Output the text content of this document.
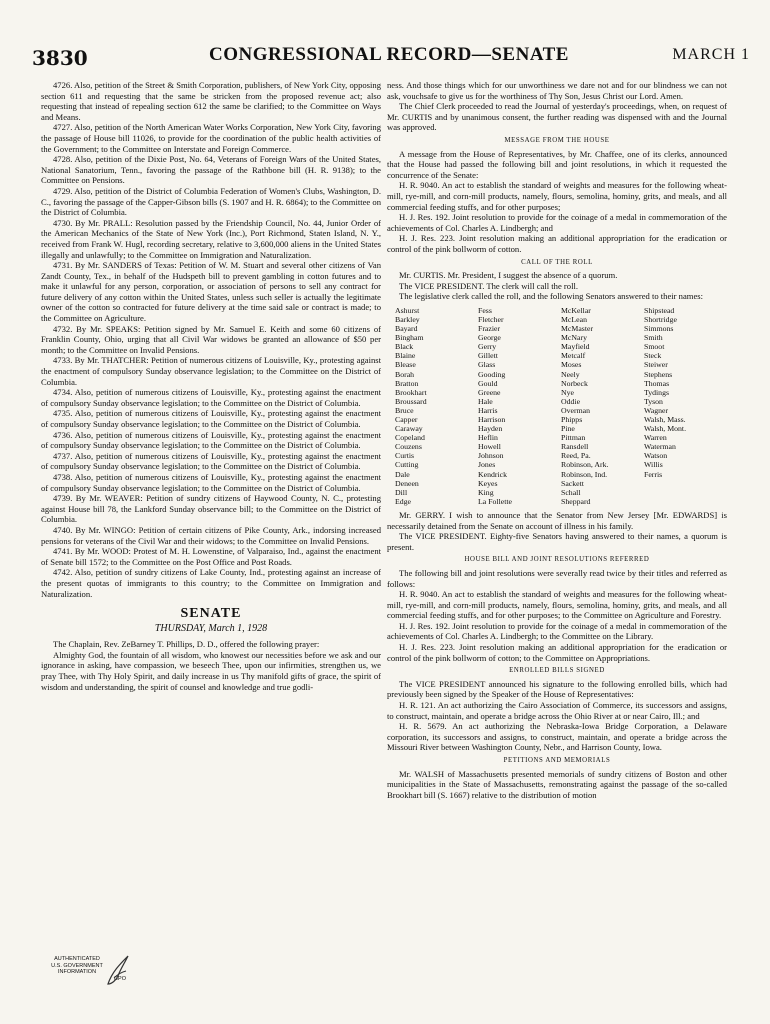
3830	CONGRESSIONAL RECORD—SENATE	MARCH 1

4726. Also, petition of the Street & Smith Corporation, publishers, of New York City, opposing section 611 and requesting that the same be stricken from the proposed revenue act; also requesting that instead of repealing section 612 the same be clarified; to the Committee on Ways and Means.

4727. Also, petition of the North American Water Works Corporation, New York City, favoring the passage of House bill 11026, to provide for the coordination of the public health activities of the Government; to the Committee on Interstate and Foreign Commerce.

4728. Also, petition of the Dixie Post, No. 64, Veterans of Foreign Wars of the United States, National Sanatorium, Tenn., favoring the passage of the Rathbone bill (H. R. 9138); to the Committee on Pensions.

4729. Also, petition of the District of Columbia Federation of Women's Clubs, Washington, D. C., favoring the passage of the Capper-Gibson bills (S. 1907 and H. R. 6864); to the Committee on the District of Columbia.

4730. By Mr. PRALL: Resolution passed by the Friendship Council, No. 44, Junior Order of the American Mechanics of the State of New York (Inc.), Port Richmond, Staten Island, N. Y., received from Frank W. Hugl, recording secretary, relative to 3,600,000 aliens in the United States illegally and unlawfully; to the Committee on Immigration and Naturalization.

4731. By Mr. SANDERS of Texas: Petition of W. M. Stuart and several other citizens of Van Zandt County, Tex., in behalf of the Hudspeth bill to prevent gambling in cotton futures and to make it unlawful for any person, corporation, or association of persons to sell any contract for future delivery of any cotton within the United States, unless such seller is actually the legitimate owner of the cotton so contracted for future delivery at the time said sale or contract is made; to the Committee on Agriculture.

4732. By Mr. SPEAKS: Petition signed by Mr. Samuel E. Keith and some 60 citizens of Franklin County, Ohio, urging that all Civil War widows be granted an allowance of $50 per month; to the Committee on Invalid Pensions.

4733. By Mr. THATCHER: Petition of numerous citizens of Louisville, Ky., protesting against the enactment of compulsory Sunday observance legislation; to the Committee on the District of Columbia.

4734. Also, petition of numerous citizens of Louisville, Ky., protesting against the enactment of compulsory Sunday observance legislation; to the Committee on the District of Columbia.

4735. Also, petition of numerous citizens of Louisville, Ky., protesting against the enactment of compulsory Sunday observance legislation; to the Committee on the District of Columbia.

4736. Also, petition of numerous citizens of Louisville, Ky., protesting against the enactment of compulsory Sunday observance legislation; to the Committee on the District of Columbia.

4737. Also, petition of numerous citizens of Louisville, Ky., protesting against the enactment of compulsory Sunday observance legislation; to the Committee on the District of Columbia.

4738. Also, petition of numerous citizens of Louisville, Ky., protesting against the enactment of compulsory Sunday observance legislation; to the Committee on the District of Columbia.

4739. By Mr. WEAVER: Petition of sundry citizens of Haywood County, N. C., protesting against House bill 78, the Lankford Sunday observance bill; to the Committee on the District of Columbia.

4740. By Mr. WINGO: Petition of certain citizens of Pike County, Ark., indorsing increased pensions for veterans of the Civil War and their widows; to the Committee on Invalid Pensions.

4741. By Mr. WOOD: Protest of M. H. Lowenstine, of Valparaiso, Ind., against the enactment of Senate bill 1572; to the Committee on the Post Office and Post Roads.

4742. Also, petition of sundry citizens of Lake County, Ind., protesting against an increase of the present quotas of immigrants to this country; to the Committee on Immigration and Naturalization.

SENATE
THURSDAY, March 1, 1928

The Chaplain, Rev. ZeBarney T. Phillips, D. D., offered the following prayer:

Almighty God, the fountain of all wisdom, who knowest our necessities before we ask and our ignorance in asking, have compassion, we beseech Thee, upon our infirmities, strengthen us, we pray Thee, with Thy Holy Spirit, and daily increase in us Thy manifold gifts of grace, the spirit of wisdom and understanding, the spirit of counsel and knowledge and true godli-

ness. And those things which for our unworthiness we dare not and for our blindness we can not ask, vouchsafe to give us for the worthiness of Thy Son, Jesus Christ our Lord. Amen.

The Chief Clerk proceeded to read the Journal of yesterday's proceedings, when, on request of Mr. CURTIS and by unanimous consent, the further reading was dispensed with and the Journal was approved.

MESSAGE FROM THE HOUSE

A message from the House of Representatives, by Mr. Chaffee, one of its clerks, announced that the House had passed the following bill and joint resolutions, in which it requested the concurrence of the Senate:

H. R. 9040. An act to establish the standard of weights and measures for the following wheat-mill, rye-mill, and corn-mill products, namely, flours, semolina, hominy, grits, and meals, and all commercial feeding stuffs, and for other purposes;

H. J. Res. 192. Joint resolution to provide for the coinage of a medal in commemoration of the achievements of Col. Charles A. Lindbergh; and

H. J. Res. 223. Joint resolution making an additional appropriation for the eradication or control of the pink bollworm of cotton.

CALL OF THE ROLL

Mr. CURTIS. Mr. President, I suggest the absence of a quorum.

The VICE PRESIDENT. The clerk will call the roll.

The legislative clerk called the roll, and the following Senators answered to their names:

Ashurst	Fess	McKellar	Shipstead
Barkley	Fletcher	McLean	Shortridge
Bayard	Frazier	McMaster	Simmons
Bingham	George	McNary	Smith
Black	Gerry	Mayfield	Smoot
Blaine	Gillett	Metcalf	Steck
Blease	Glass	Moses	Steiwer
Borah	Gooding	Neely	Stephens
Bratton	Gould	Norbeck	Thomas
Brookhart	Greene	Nye	Tydings
Broussard	Hale	Oddie	Tyson
Bruce	Harris	Overman	Wagner
Capper	Harrison	Phipps	Walsh, Mass.
Caraway	Hayden	Pine	Walsh, Mont.
Copeland	Heflin	Pittman	Warren
Couzens	Howell	Ransdell	Waterman
Curtis	Johnson	Reed, Pa.	Watson
Cutting	Jones	Robinson, Ark.	Willis
Dale	Kendrick	Robinson, Ind.	Ferris
Deneen	Keyes	Sackett
Dill	King	Schall
Edge	La Follette	Sheppard

Mr. GERRY. I wish to announce that the Senator from New Jersey [Mr. EDWARDS] is necessarily detained from the Senate on account of illness in his family.

The VICE PRESIDENT. Eighty-five Senators having answered to their names, a quorum is present.

HOUSE BILL AND JOINT RESOLUTIONS REFERRED

The following bill and joint resolutions were severally read twice by their titles and referred as follows:

H. R. 9040. An act to establish the standard of weights and measures for the following wheat-mill, rye-mill, and corn-mill products, namely, flours, semolina, hominy, grits, and meals, and all commercial feeding stuffs, and for other purposes; to the Committee on Agriculture and Forestry.

H. J. Res. 192. Joint resolution to provide for the coinage of a medal in commemoration of the achievements of Col. Charles A. Lindbergh; to the Committee on the Library.

H. J. Res. 223. Joint resolution making an additional appropriation for the eradication or control of the pink bollworm of cotton; to the Committee on Appropriations.

ENROLLED BILLS SIGNED

The VICE PRESIDENT announced his signature to the following enrolled bills, which had previously been signed by the Speaker of the House of Representatives:

H. R. 121. An act authorizing the Cairo Association of Commerce, its successors and assigns, to construct, maintain, and operate a bridge across the Ohio River at or near Cairo, Ill.; and

H. R. 5679. An act authorizing the Nebraska-Iowa Bridge Corporation, a Delaware corporation, its successors and assigns, to construct, maintain, and operate a bridge across the Missouri River between Washington County, Nebr., and Harrison County, Iowa.

PETITIONS AND MEMORIALS

Mr. WALSH of Massachusetts presented memorials of sundry citizens of Boston and other municipalities in the State of Massachusetts, remonstrating against the passage of the so-called Brookhart bill (S. 1667) relative to the distribution of motion

AUTHENTICATED
U.S. GOVERNMENT
INFORMATION
GPO
